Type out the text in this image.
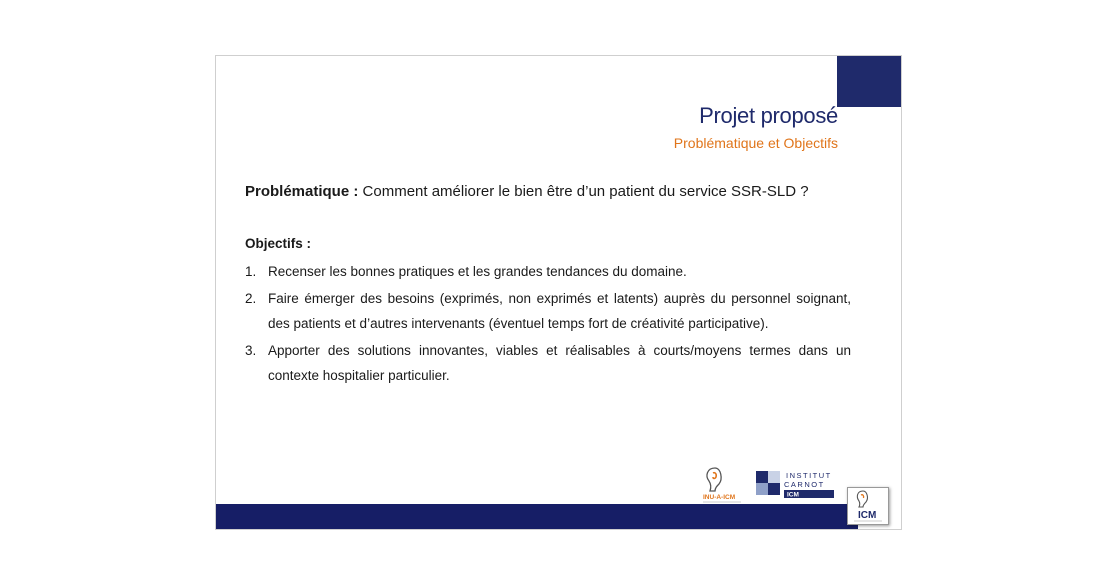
Projet proposé
Problématique et Objectifs
Problématique : Comment améliorer le bien être d’un patient du service SSR-SLD ?
Objectifs :
1. Recenser les bonnes pratiques et les grandes tendances du domaine.
2. Faire émerger des besoins (exprimés, non exprimés et latents) auprès du personnel soignant, des patients et d’autres intervenants (éventuel temps fort de créativité participative).
3. Apporter des solutions innovantes, viables et réalisables à courts/moyens termes dans un contexte hospitalier particulier.
INU-A-ICM
INSTITUT
CARNOT
ICM
ICM
